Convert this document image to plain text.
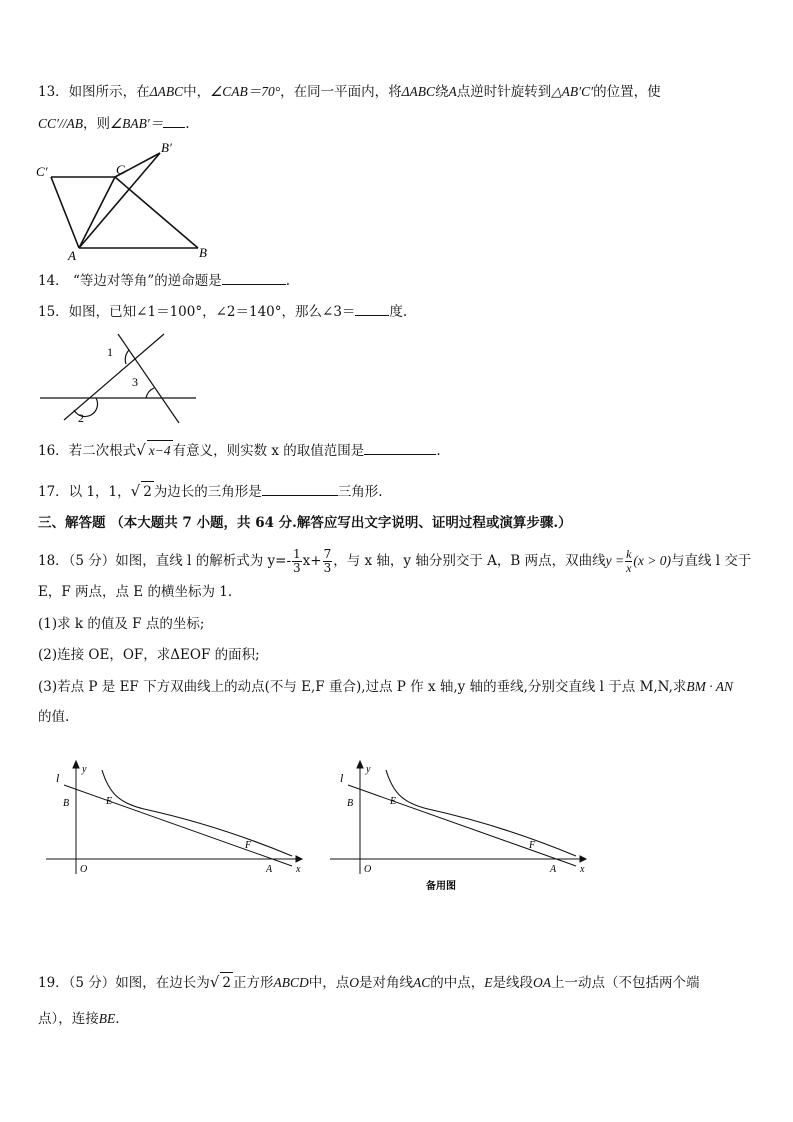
13．如图所示，在ΔABC中，∠CAB＝70°，在同一平面内，将ΔABC绕A点逆时针旋转到△AB′C′的位置，使
CC′//AB，则∠BAB′＝ .
C′	C
B′
A	B
14． “等边对等角”的逆命题是	.
15．如图，已知∠1＝100°，∠2＝140°，那么∠3＝	度.
1
3
2
16．若二次根式√ x−4 有意义，则实数 x 的取值范围是	.
17．以 1，1，√ 2 为边长的三角形是	三角形.
三、解答题 （本大题共 7 小题，共 64 分.解答应写出文字说明、证明过程或演算步骤.）
18．（5 分）如图，直线 l 的解析式为 $y=- \frac{1}{3} x+ \frac{7}{3}$ ，与 x 轴，y 轴分别交于 A，B 两点，双曲线$y = \frac{k}{x} (x > 0)$与直线 l 交于
E，F 两点，点 E 的横坐标为 1.
(1)求 k 的值及 F 点的坐标;
(2)连接 OE，OF，求ΔEOF 的面积;
(3)若点 P 是 EF 下方双曲线上的动点(不与 E,F 重合),过点 P 作 x 轴,y 轴的垂线,分别交直线 l 于点 M,N,求BM · AN
的值.
l
y
B	E
F
O	A x
l
y
B	E
F
O	A x
备用图
19．（5 分）如图，在边长为√ 2 正方形ABCD中，点O是对角线AC的中点，E是线段OA上一动点（不包括两个端
点），连接BE.
